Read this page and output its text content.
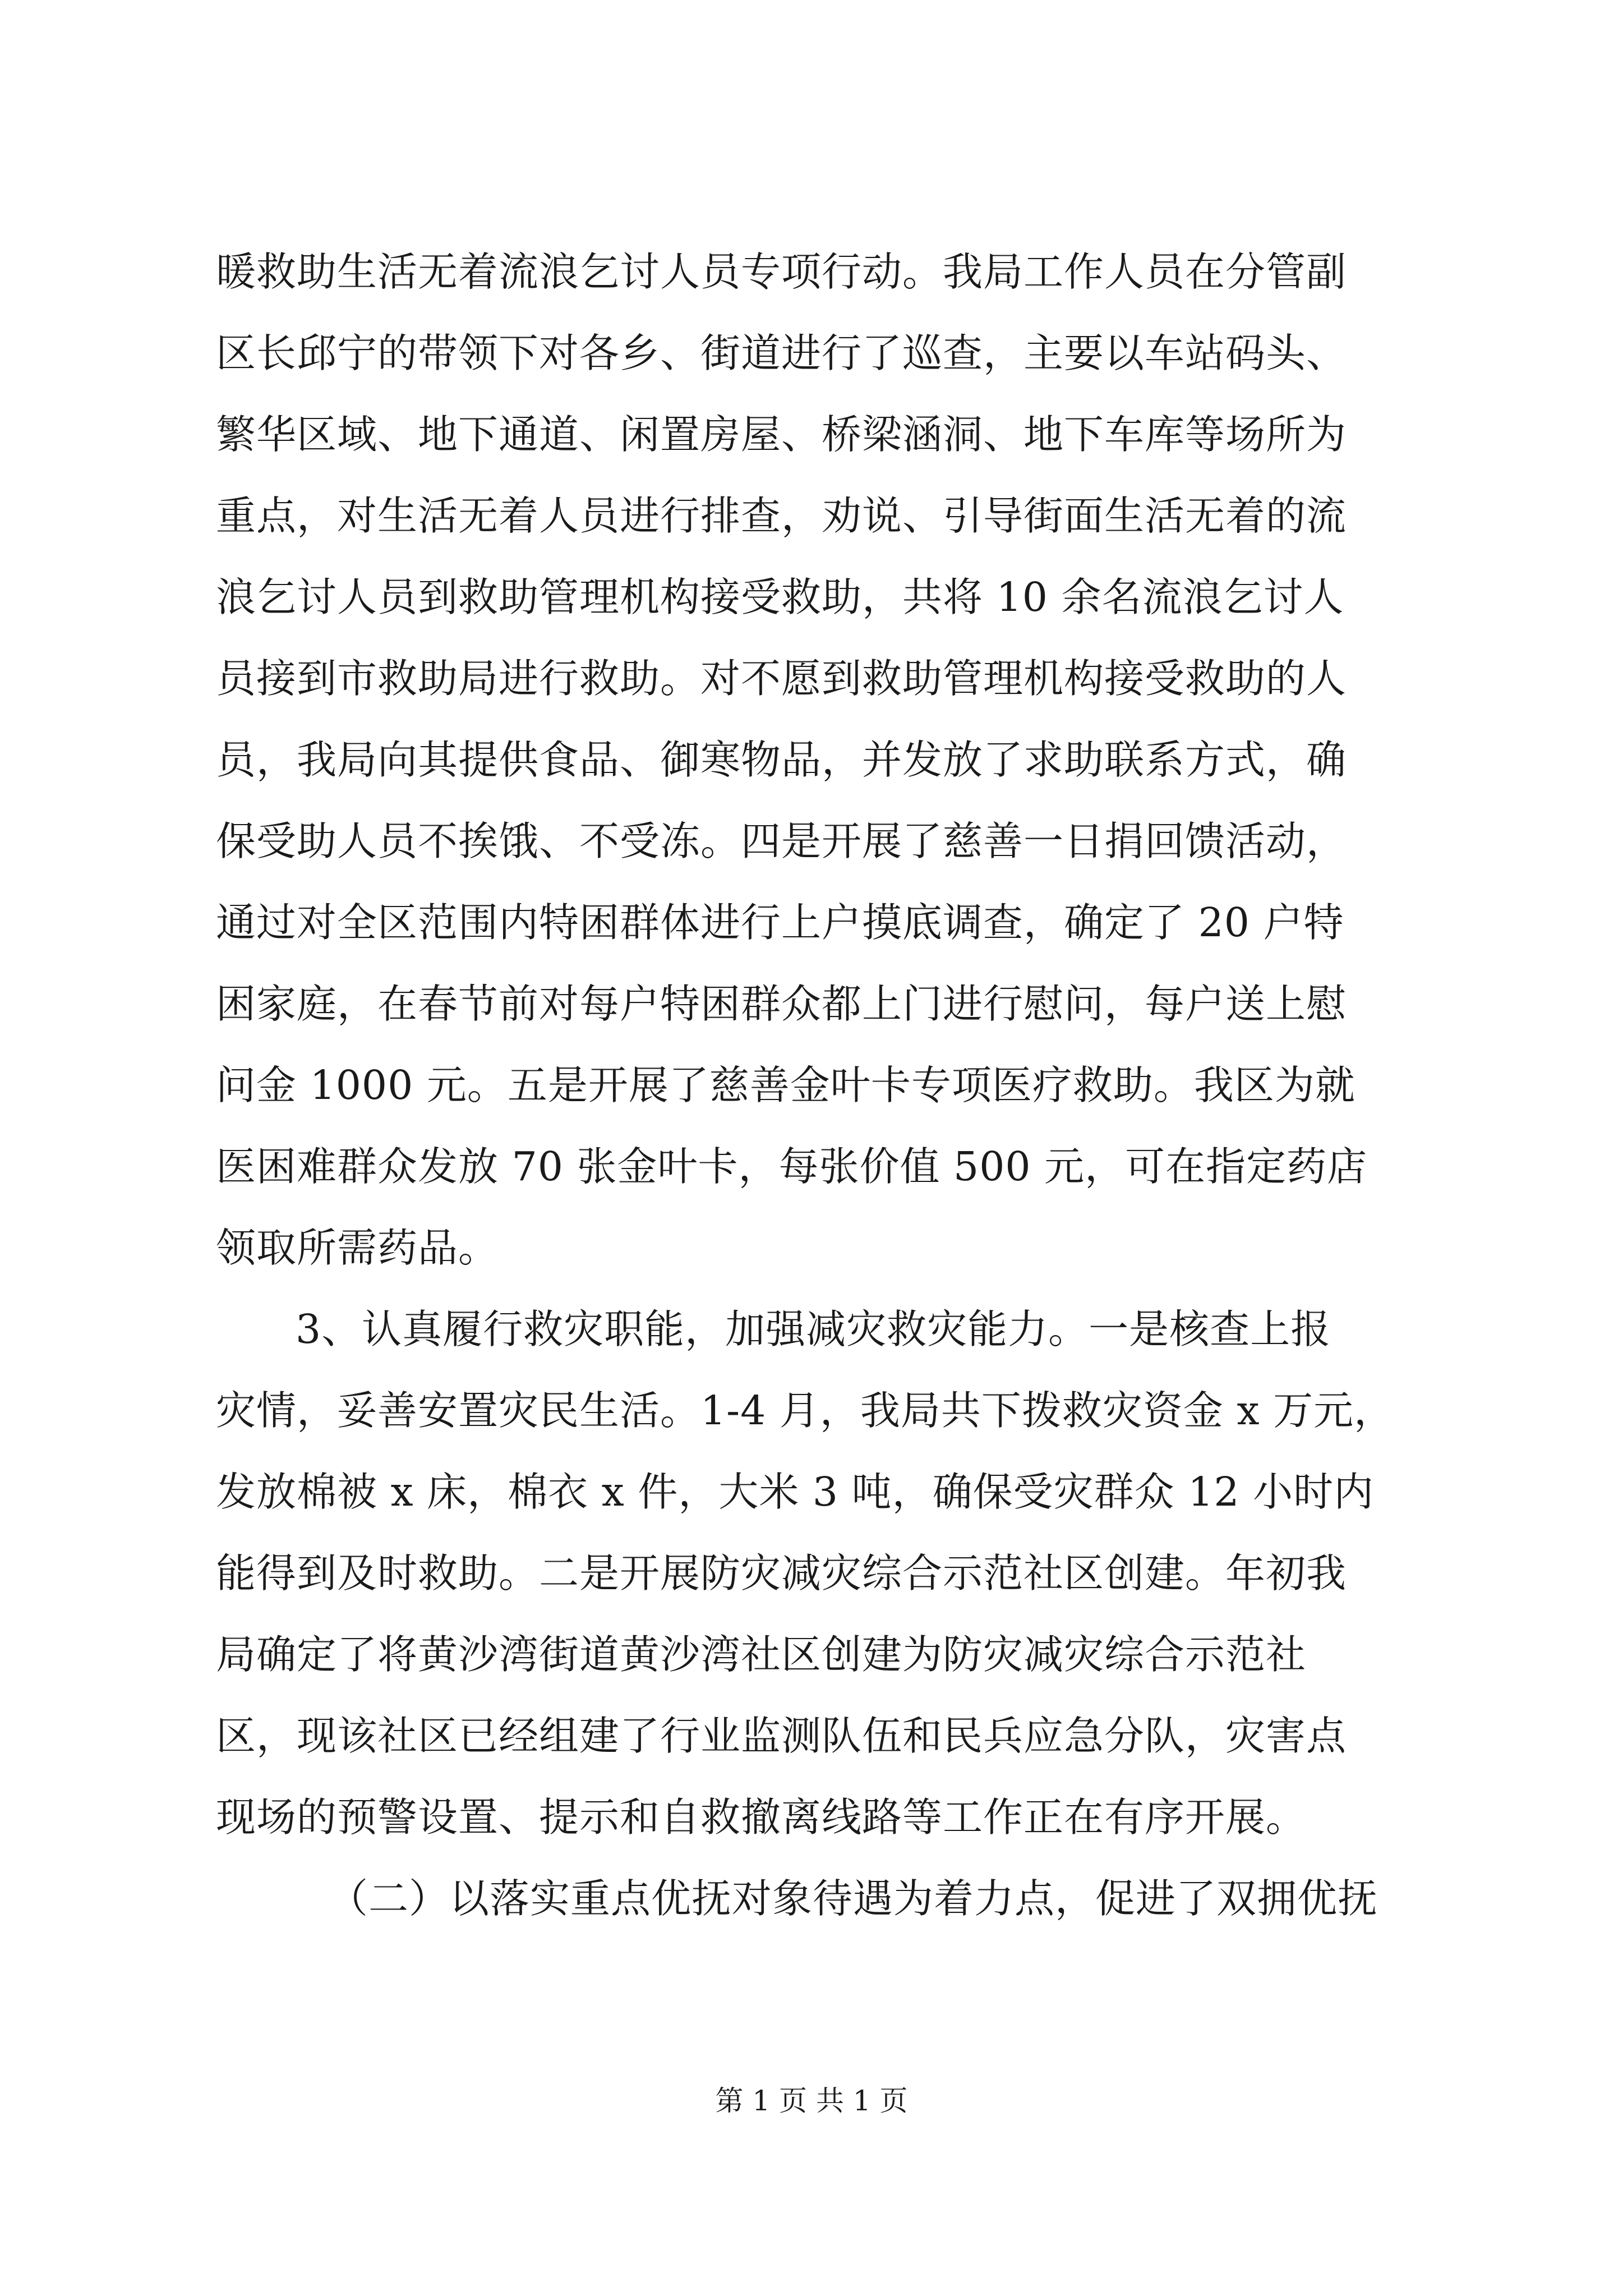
暖救助生活无着流浪乞讨人员专项行动。我局工作人员在分管副
区长邱宁的带领下对各乡、街道进行了巡查，主要以车站码头、
繁华区域、地下通道、闲置房屋、桥梁涵洞、地下车库等场所为
重点，对生活无着人员进行排查，劝说、引导街面生活无着的流
浪乞讨人员到救助管理机构接受救助，共将 10 余名流浪乞讨人
员接到市救助局进行救助。对不愿到救助管理机构接受救助的人
员，我局向其提供食品、御寒物品，并发放了求助联系方式，确
保受助人员不挨饿、不受冻。四是开展了慈善一日捐回馈活动，
通过对全区范围内特困群体进行上户摸底调查，确定了 20 户特
困家庭，在春节前对每户特困群众都上门进行慰问，每户送上慰
问金 1000 元。五是开展了慈善金叶卡专项医疗救助。我区为就
医困难群众发放 70 张金叶卡，每张价值 500 元，可在指定药店
领取所需药品。
3、认真履行救灾职能，加强减灾救灾能力。一是核查上报
灾情，妥善安置灾民生活。1-4 月，我局共下拨救灾资金 x 万元，
发放棉被 x 床，棉衣 x 件，大米 3 吨，确保受灾群众 12 小时内
能得到及时救助。二是开展防灾减灾综合示范社区创建。年初我
局确定了将黄沙湾街道黄沙湾社区创建为防灾减灾综合示范社
区，现该社区已经组建了行业监测队伍和民兵应急分队，灾害点
现场的预警设置、提示和自救撤离线路等工作正在有序开展。
（二）以落实重点优抚对象待遇为着力点，促进了双拥优抚
第 1 页 共 1 页
